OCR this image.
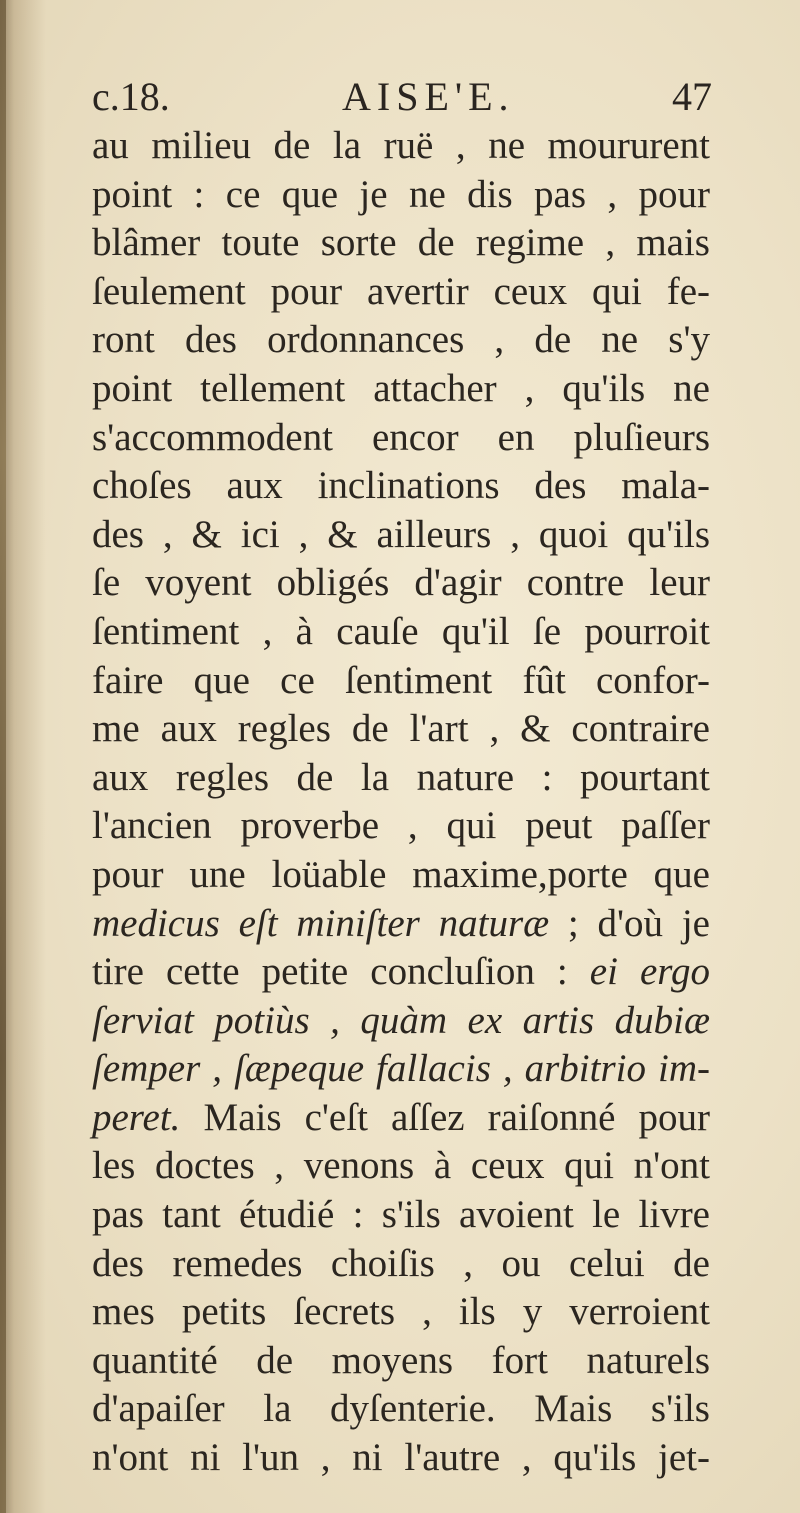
c.18.	AISE'E.	47
au milieu de la ruë , ne moururent
point : ce que je ne dis pas , pour
blâmer toute sorte de regime , mais
ſeulement pour avertir ceux qui fe-
ront des ordonnances , de ne s'y
point tellement attacher , qu'ils ne
s'accommodent encor en pluſieurs
choſes aux inclinations des mala-
des , & ici , & ailleurs , quoi qu'ils
ſe voyent obligés d'agir contre leur
ſentiment , à cauſe qu'il ſe pourroit
faire que ce ſentiment fût confor-
me aux regles de l'art , & contraire
aux regles de la nature : pourtant
l'ancien proverbe , qui peut paſſer
pour une loüable maxime,porte que
medicus eſt miniſter naturæ ; d'où je
tire cette petite concluſion : ei ergo
ſerviat potiùs , quàm ex artis dubiæ
ſemper , ſæpeque fallacis , arbitrio im-
peret. Mais c'eſt aſſez raiſonné pour
les doctes , venons à ceux qui n'ont
pas tant étudié : s'ils avoient le livre
des remedes choiſis , ou celui de
mes petits ſecrets , ils y verroient
quantité de moyens fort naturels
d'apaiſer la dyſenterie. Mais s'ils
n'ont ni l'un , ni l'autre , qu'ils jet-
